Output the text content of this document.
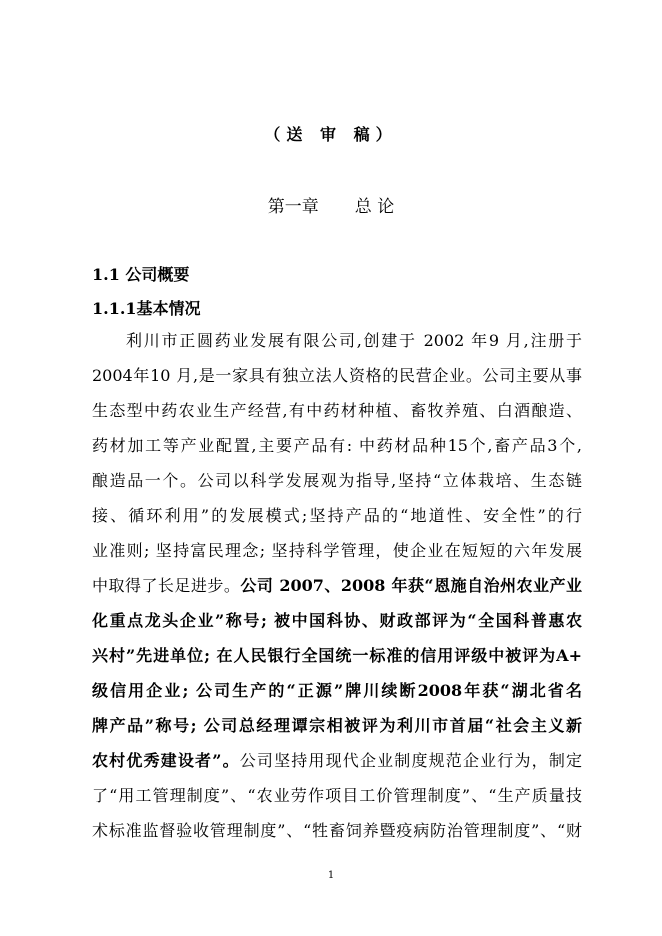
（送 审 稿）
第一章 总 论
1.1 公司概要
1.1.1基本情况
利川市正圆药业发展有限公司,创建于 2002 年9 月,注册于
2004年10 月,是一家具有独立法人资格的民营企业。公司主要从事
生态型中药农业生产经营,有中药材种植、畜牧养殖、白酒酿造、
药材加工等产业配置,主要产品有: 中药材品种15个,畜产品3个,
酿造品一个。公司以科学发展观为指导,坚持“立体栽培、生态链
接、循环利用”的发展模式;坚持产品的“地道性、安全性”的行
业准则; 坚持富民理念; 坚持科学管理，使企业在短短的六年发展
中取得了长足进步。公司 2007、2008 年获“恩施自治州农业产业
化重点龙头企业”称号; 被中国科协、财政部评为“全国科普惠农
兴村”先进单位; 在人民银行全国统一标准的信用评级中被评为A+
级信用企业; 公司生产的“正源”牌川续断2008年获“湖北省名
牌产品”称号; 公司总经理谭宗相被评为利川市首届“社会主义新
农村优秀建设者”。公司坚持用现代企业制度规范企业行为，制定
了“用工管理制度”、“农业劳作项目工价管理制度”、“生产质量技
术标准监督验收管理制度”、“牲畜饲养暨疫病防治管理制度”、“财
1
